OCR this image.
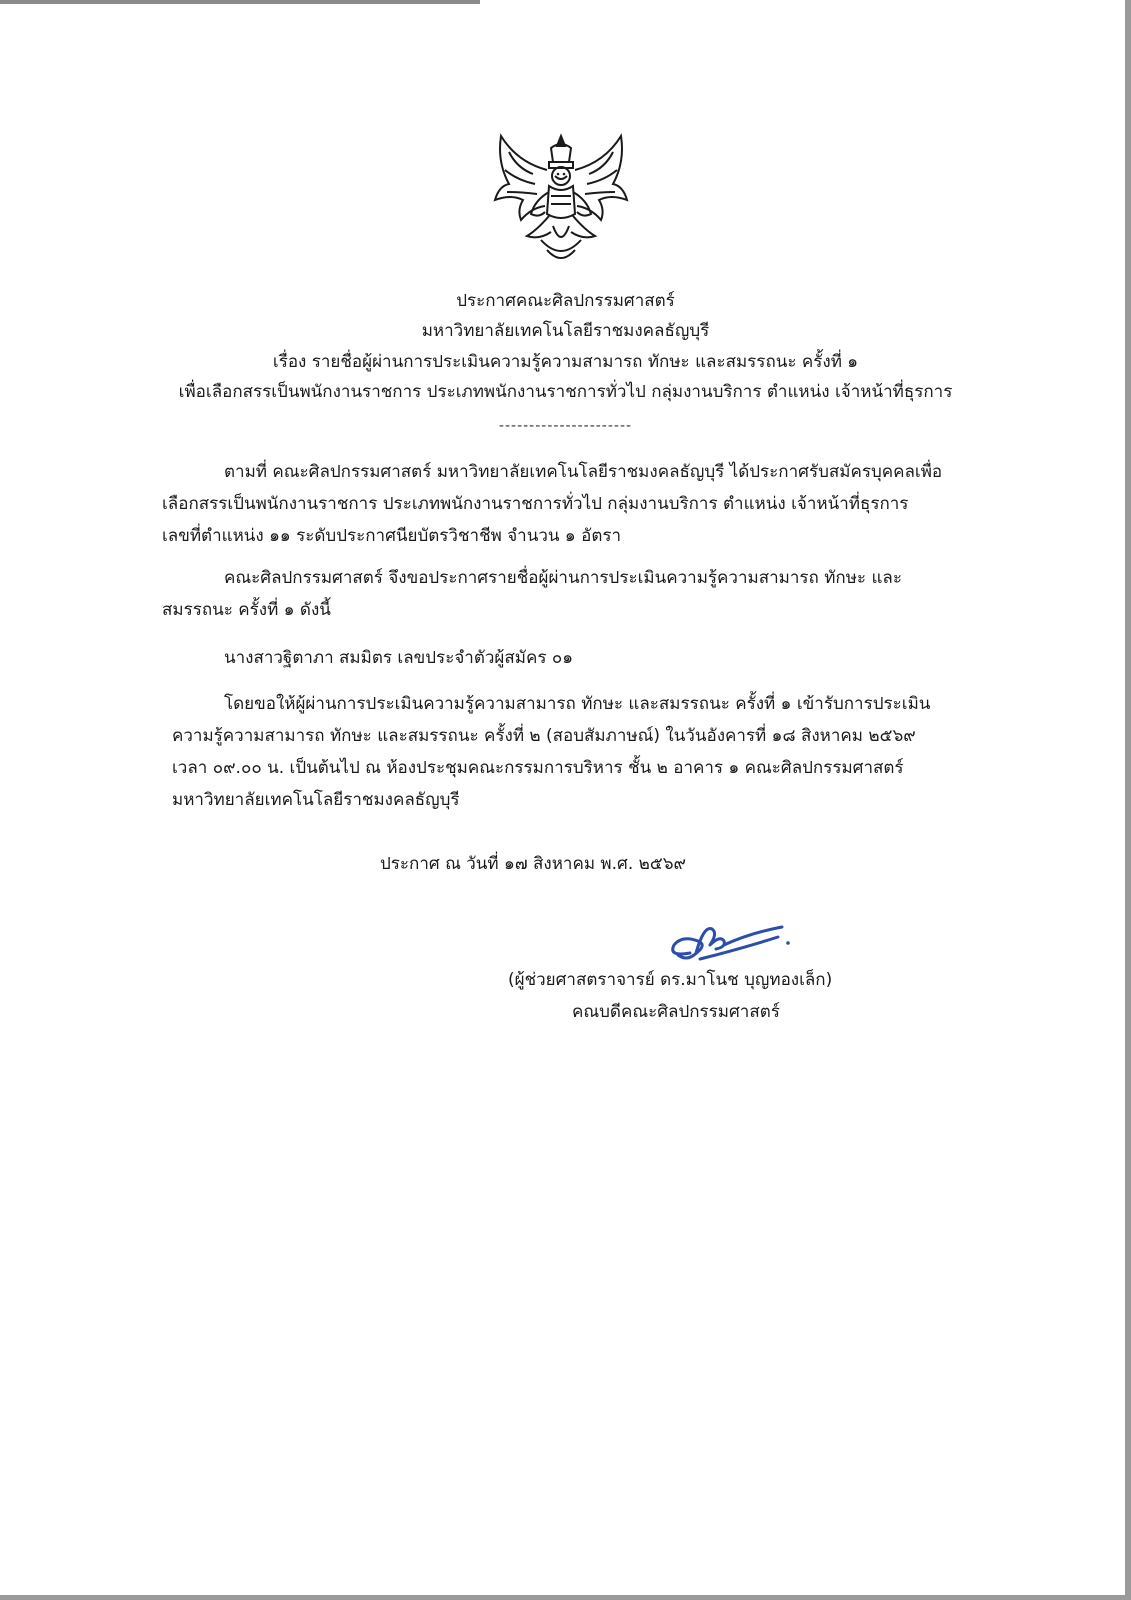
ประกาศคณะศิลปกรรมศาสตร์
มหาวิทยาลัยเทคโนโลยีราชมงคลธัญบุรี
เรื่อง รายชื่อผู้ผ่านการประเมินความรู้ความสามารถ ทักษะ และสมรรถนะ ครั้งที่ ๑
เพื่อเลือกสรรเป็นพนักงานราชการ ประเภทพนักงานราชการทั่วไป กลุ่มงานบริการ ตำแหน่ง เจ้าหน้าที่ธุรการ
----------------------
ตามที่ คณะศิลปกรรมศาสตร์ มหาวิทยาลัยเทคโนโลยีราชมงคลธัญบุรี ได้ประกาศรับสมัครบุคคลเพื่อ
เลือกสรรเป็นพนักงานราชการ ประเภทพนักงานราชการทั่วไป กลุ่มงานบริการ ตำแหน่ง เจ้าหน้าที่ธุรการ
เลขที่ตำแหน่ง ๑๑ ระดับประกาศนียบัตรวิชาชีพ จำนวน ๑ อัตรา
คณะศิลปกรรมศาสตร์ จึงขอประกาศรายชื่อผู้ผ่านการประเมินความรู้ความสามารถ ทักษะ และ
สมรรถนะ ครั้งที่ ๑ ดังนี้
นางสาวฐิตาภา สมมิตร เลขประจำตัวผู้สมัคร ๐๑
โดยขอให้ผู้ผ่านการประเมินความรู้ความสามารถ ทักษะ และสมรรถนะ ครั้งที่ ๑ เข้ารับการประเมิน
ความรู้ความสามารถ ทักษะ และสมรรถนะ ครั้งที่ ๒ (สอบสัมภาษณ์) ในวันอังคารที่ ๑๘ สิงหาคม ๒๕๖๙
เวลา ๐๙.๐๐ น. เป็นต้นไป ณ ห้องประชุมคณะกรรมการบริหาร ชั้น ๒ อาคาร ๑ คณะศิลปกรรมศาสตร์
มหาวิทยาลัยเทคโนโลยีราชมงคลธัญบุรี
ประกาศ ณ วันที่ ๑๗ สิงหาคม พ.ศ. ๒๕๖๙
(ผู้ช่วยศาสตราจารย์ ดร.มาโนช บุญทองเล็ก)
คณบดีคณะศิลปกรรมศาสตร์
